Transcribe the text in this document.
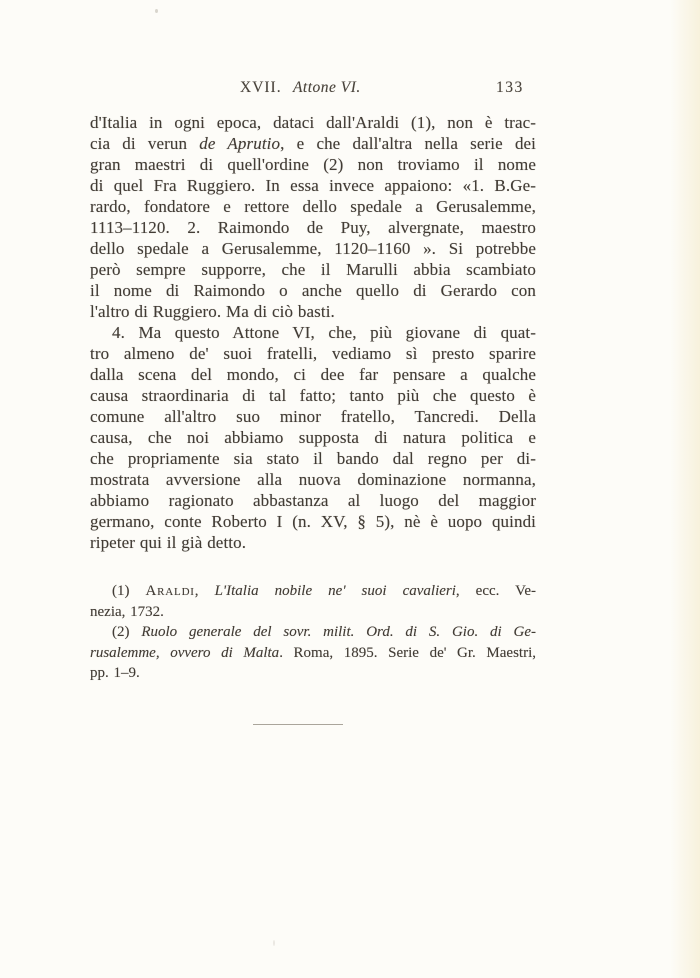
XVII. Attone VI.	133
d'Italia in ogni epoca, dataci dall'Araldi (1), non è trac-
cia di verun de Aprutio, e che dall'altra nella serie dei
gran maestri di quell'ordine (2) non troviamo il nome
di quel Fra Ruggiero. In essa invece appaiono: «1. B.Ge-
rardo, fondatore e rettore dello spedale a Gerusalemme,
1113–1120. 2. Raimondo de Puy, alvergnate, maestro
dello spedale a Gerusalemme, 1120–1160 ». Si potrebbe
però sempre supporre, che il Marulli abbia scambiato
il nome di Raimondo o anche quello di Gerardo con
l'altro di Ruggiero. Ma di ciò basti.
4. Ma questo Attone VI, che, più giovane di quat-
tro almeno de' suoi fratelli, vediamo sì presto sparire
dalla scena del mondo, ci dee far pensare a qualche
causa straordinaria di tal fatto; tanto più che questo è
comune all'altro suo minor fratello, Tancredi. Della
causa, che noi abbiamo supposta di natura politica e
che propriamente sia stato il bando dal regno per di-
mostrata avversione alla nuova dominazione normanna,
abbiamo ragionato abbastanza al luogo del maggior
germano, conte Roberto I (n. XV, § 5), nè è uopo quindi
ripeter qui il già detto.
(1) Araldi, L'Italia nobile ne' suoi cavalieri, ecc. Ve-
nezia, 1732.
(2) Ruolo generale del sovr. milit. Ord. di S. Gio. di Ge-
rusalemme, ovvero di Malta. Roma, 1895. Serie de' Gr. Maestri,
pp. 1–9.
